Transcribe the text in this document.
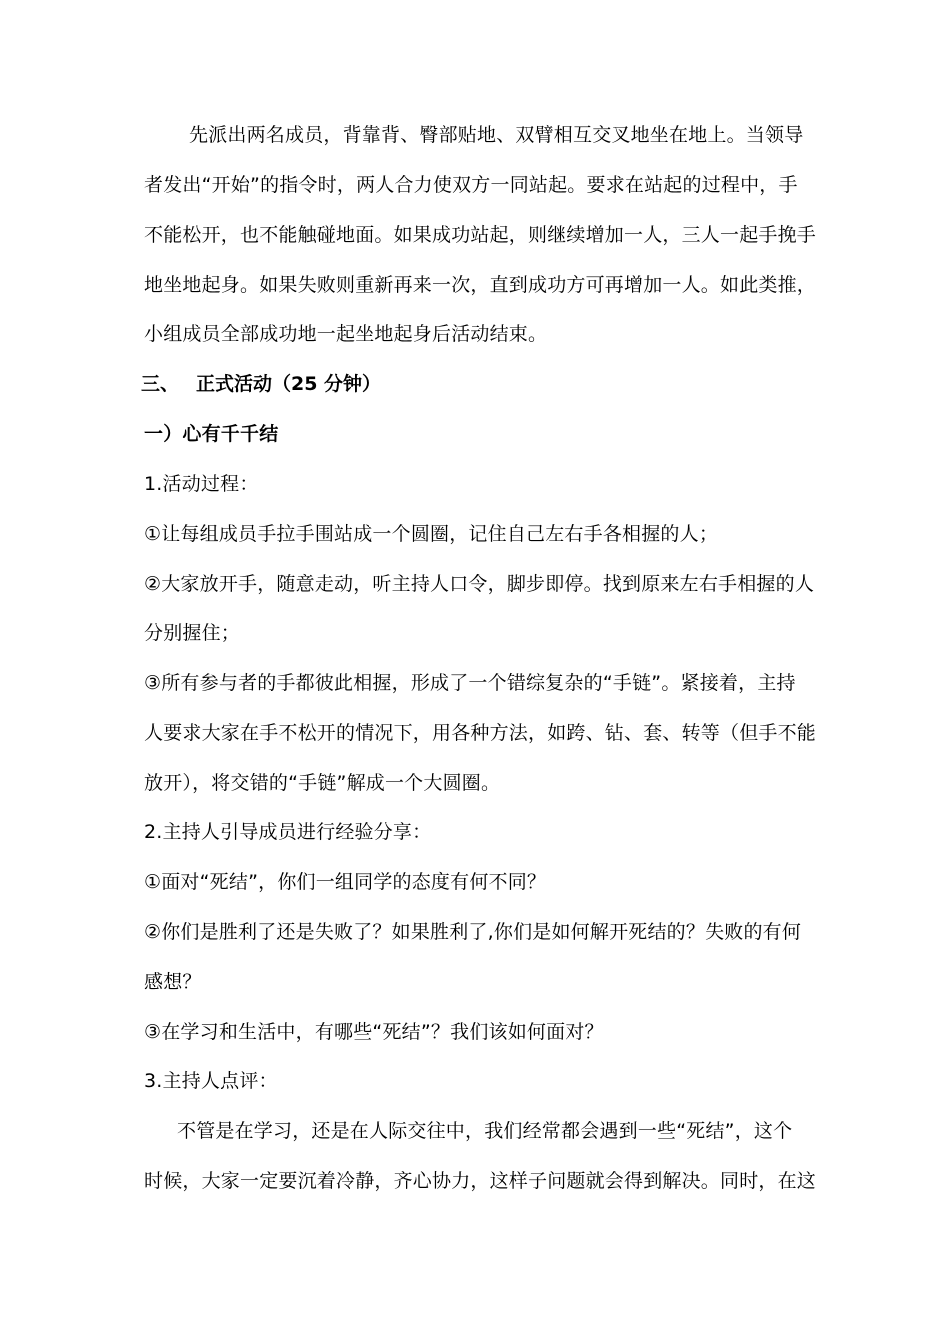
先派出两名成员，背靠背、臀部贴地、双臂相互交叉地坐在地上。当领导
者发出“开始”的指令时，两人合力使双方一同站起。要求在站起的过程中，手
不能松开，也不能触碰地面。如果成功站起，则继续增加一人，三人一起手挽手
地坐地起身。如果失败则重新再来一次，直到成功方可再增加一人。如此类推，
小组成员全部成功地一起坐地起身后活动结束。
三、 正式活动（25 分钟）
一）心有千千结
1.活动过程：
①让每组成员手拉手围站成一个圆圈，记住自己左右手各相握的人；
②大家放开手，随意走动，听主持人口令，脚步即停。找到原来左右手相握的人
分别握住；
③所有参与者的手都彼此相握，形成了一个错综复杂的“手链”。紧接着，主持
人要求大家在手不松开的情况下，用各种方法，如跨、钻、套、转等（但手不能
放开），将交错的“手链”解成一个大圆圈。
2.主持人引导成员进行经验分享：
①面对“死结”，你们一组同学的态度有何不同？
②你们是胜利了还是失败了？如果胜利了,你们是如何解开死结的？失败的有何
感想？
③在学习和生活中，有哪些“死结”？我们该如何面对？
3.主持人点评：
不管是在学习，还是在人际交往中，我们经常都会遇到一些“死结”，这个
时候，大家一定要沉着冷静，齐心协力，这样子问题就会得到解决。同时，在这
